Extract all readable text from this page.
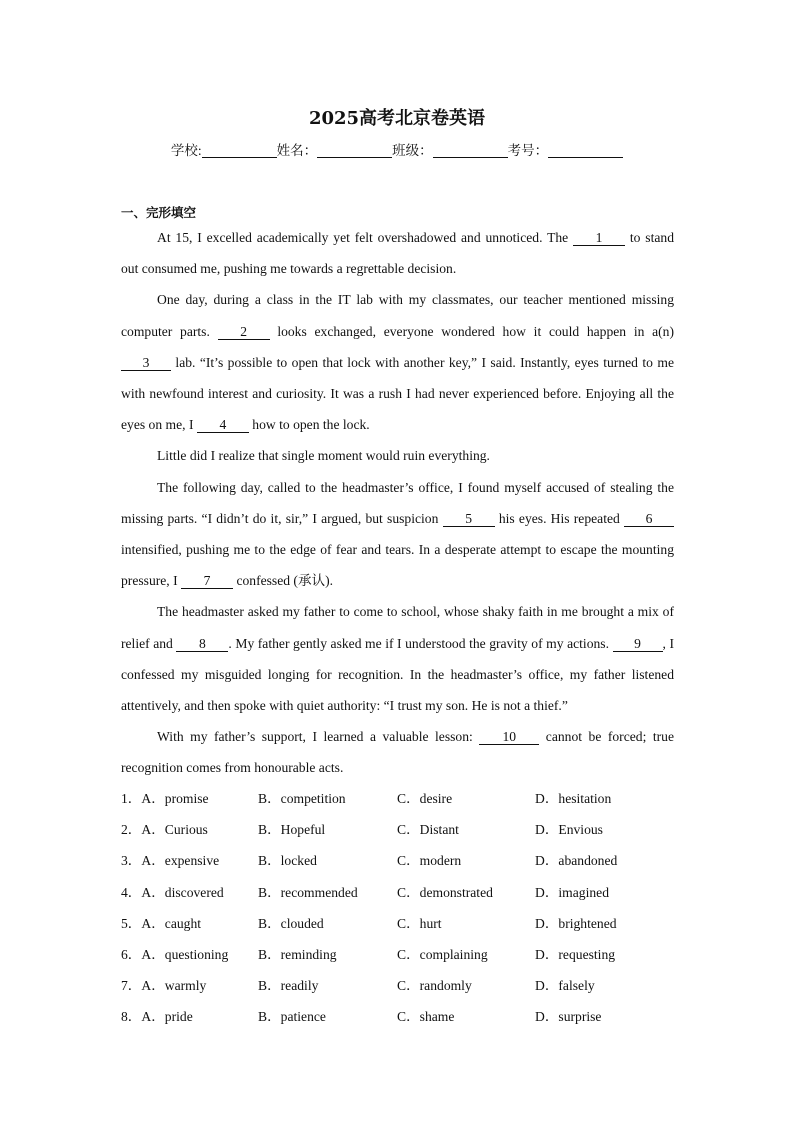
2025高考北京卷英语
学校:	姓名：	班级：	考号：
一、完形填空

At 15, I excelled academically yet felt overshadowed and unnoticed. The 1 to stand out consumed me, pushing me towards a regrettable decision.

One day, during a class in the IT lab with my classmates, our teacher mentioned missing computer parts. 2 looks exchanged, everyone wondered how it could happen in a(n) 3 lab. “It’s possible to open that lock with another key,” I said. Instantly, eyes turned to me with newfound interest and curiosity. It was a rush I had never experienced before. Enjoying all the eyes on me, I 4 how to open the lock.

Little did I realize that single moment would ruin everything.

The following day, called to the headmaster’s office, I found myself accused of stealing the missing parts. “I didn’t do it, sir,” I argued, but suspicion 5 his eyes. His repeated 6 intensified, pushing me to the edge of fear and tears. In a desperate attempt to escape the mounting pressure, I 7 confessed (承认).

The headmaster asked my father to come to school, whose shaky faith in me brought a mix of relief and 8 . My father gently asked me if I understood the gravity of my actions. 9 , I confessed my misguided longing for recognition. In the headmaster’s office, my father listened attentively, and then spoke with quiet authority: “I trust my son. He is not a thief.”

With my father’s support, I learned a valuable lesson: 10 cannot be forced; true recognition comes from honourable acts.

1．A．promise	B．competition	C．desire	D．hesitation
2．A．Curious	B．Hopeful	C．Distant	D．Envious
3．A．expensive	B．locked	C．modern	D．abandoned
4．A．discovered	B．recommended	C．demonstrated	D．imagined
5．A．caught	B．clouded	C．hurt	D．brightened
6．A．questioning B．reminding	C．complaining	D．requesting
7．A．warmly	B．readily	C．randomly	D．falsely
8．A．pride	B．patience	C．shame	D．surprise
